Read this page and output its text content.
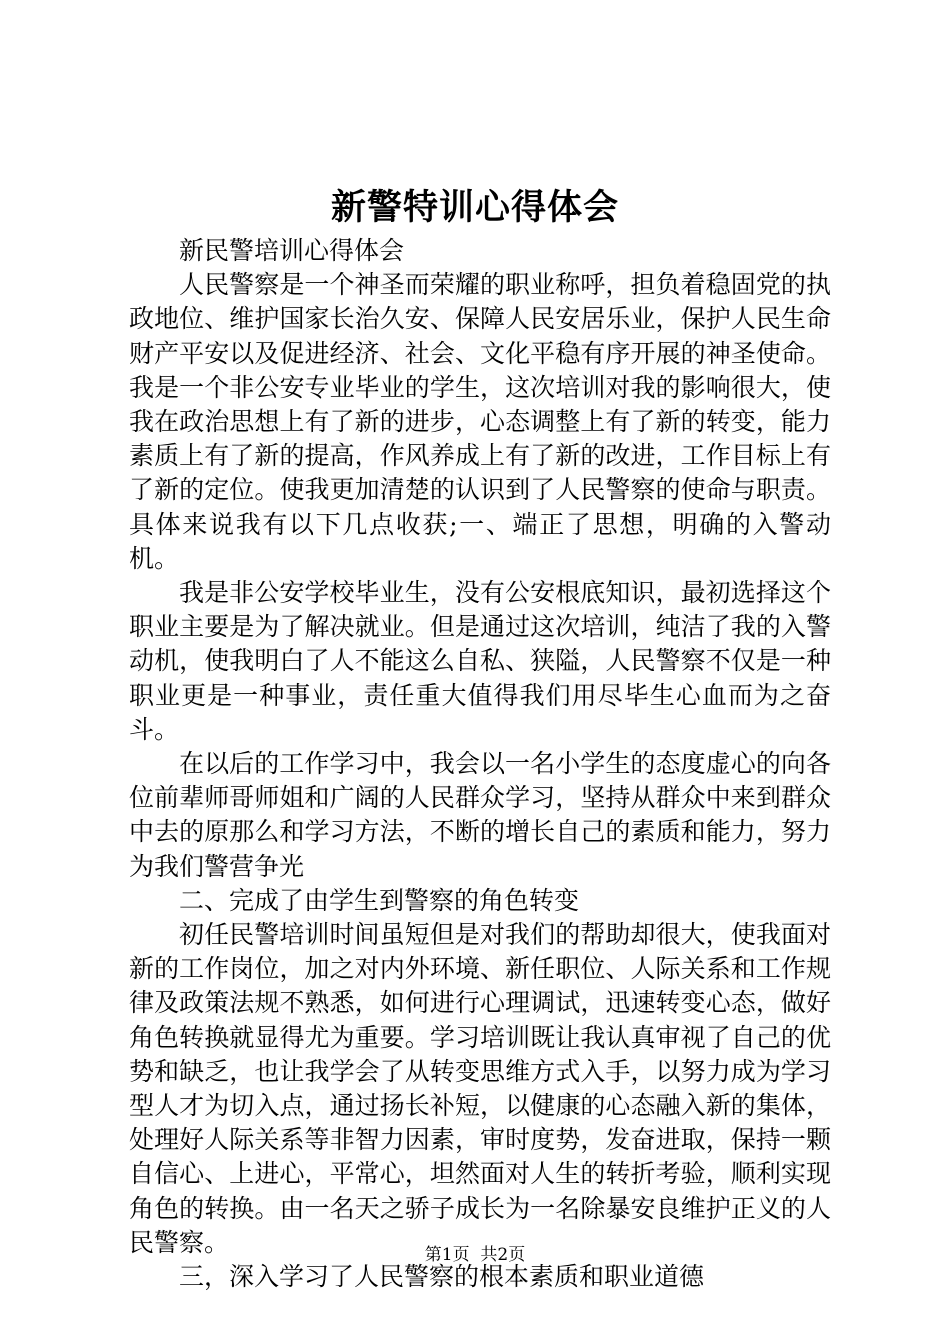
新警特训心得体会

新民警培训心得体会

人民警察是一个神圣而荣耀的职业称呼，担负着稳固党的执政地位、维护国家长治久安、保障人民安居乐业，保护人民生命财产平安以及促进经济、社会、文化平稳有序开展的神圣使命。我是一个非公安专业毕业的学生，这次培训对我的影响很大，使我在政治思想上有了新的进步，心态调整上有了新的转变，能力素质上有了新的提高，作风养成上有了新的改进，工作目标上有了新的定位。使我更加清楚的认识到了人民警察的使命与职责。具体来说我有以下几点收获;一、端正了思想，明确的入警动机。

我是非公安学校毕业生，没有公安根底知识，最初选择这个职业主要是为了解决就业。但是通过这次培训，纯洁了我的入警动机，使我明白了人不能这么自私、狭隘，人民警察不仅是一种职业更是一种事业，责任重大值得我们用尽毕生心血而为之奋斗。

在以后的工作学习中，我会以一名小学生的态度虚心的向各位前辈师哥师姐和广阔的人民群众学习，坚持从群众中来到群众中去的原那么和学习方法，不断的增长自己的素质和能力，努力为我们警营争光

二、完成了由学生到警察的角色转变

初任民警培训时间虽短但是对我们的帮助却很大，使我面对新的工作岗位，加之对内外环境、新任职位、人际关系和工作规律及政策法规不熟悉，如何进行心理调试，迅速转变心态，做好角色转换就显得尤为重要。学习培训既让我认真审视了自己的优势和缺乏，也让我学会了从转变思维方式入手，以努力成为学习型人才为切入点，通过扬长补短，以健康的心态融入新的集体，处理好人际关系等非智力因素，审时度势，发奋进取，保持一颗自信心、上进心，平常心，坦然面对人生的转折考验，顺利实现角色的转换。由一名天之骄子成长为一名除暴安良维护正义的人民警察。

三，深入学习了人民警察的根本素质和职业道德

第1页 共2页
